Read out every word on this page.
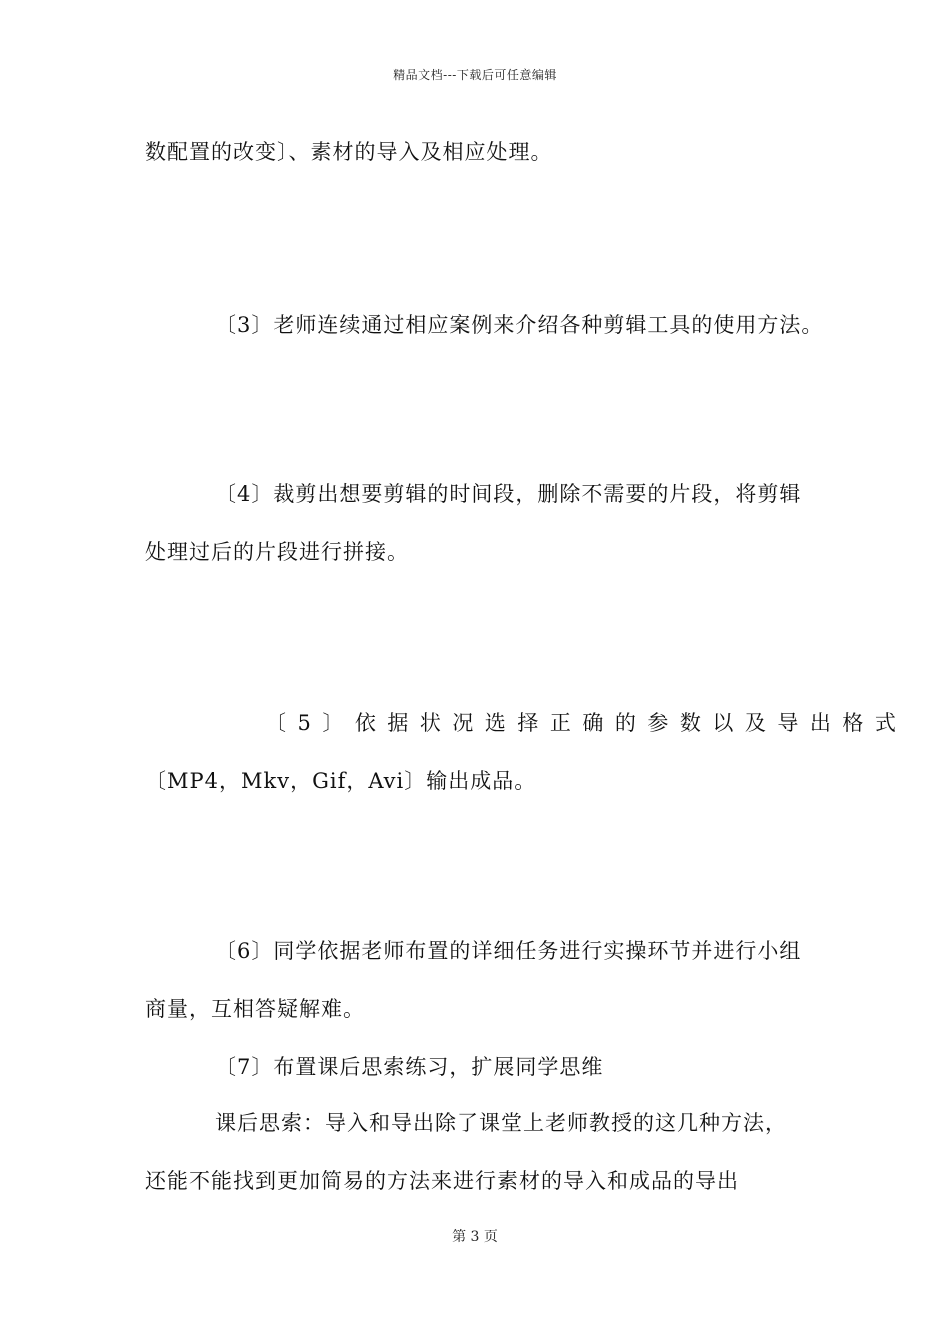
精品文档---下载后可任意编辑
数配置的改变〕、素材的导入及相应处理。
〔3〕老师连续通过相应案例来介绍各种剪辑工具的使用方法。
〔4〕裁剪出想要剪辑的时间段，删除不需要的片段，将剪辑
处理过后的片段进行拼接。
〔5〕依据状况选择正确的参数以及导出格式
〔MP4，Mkv，Gif，Avi〕输出成品。
〔6〕同学依据老师布置的详细任务进行实操环节并进行小组
商量，互相答疑解难。
〔7〕布置课后思索练习，扩展同学思维
课后思索：导入和导出除了课堂上老师教授的这几种方法，
还能不能找到更加简易的方法来进行素材的导入和成品的导出
第 3 页
